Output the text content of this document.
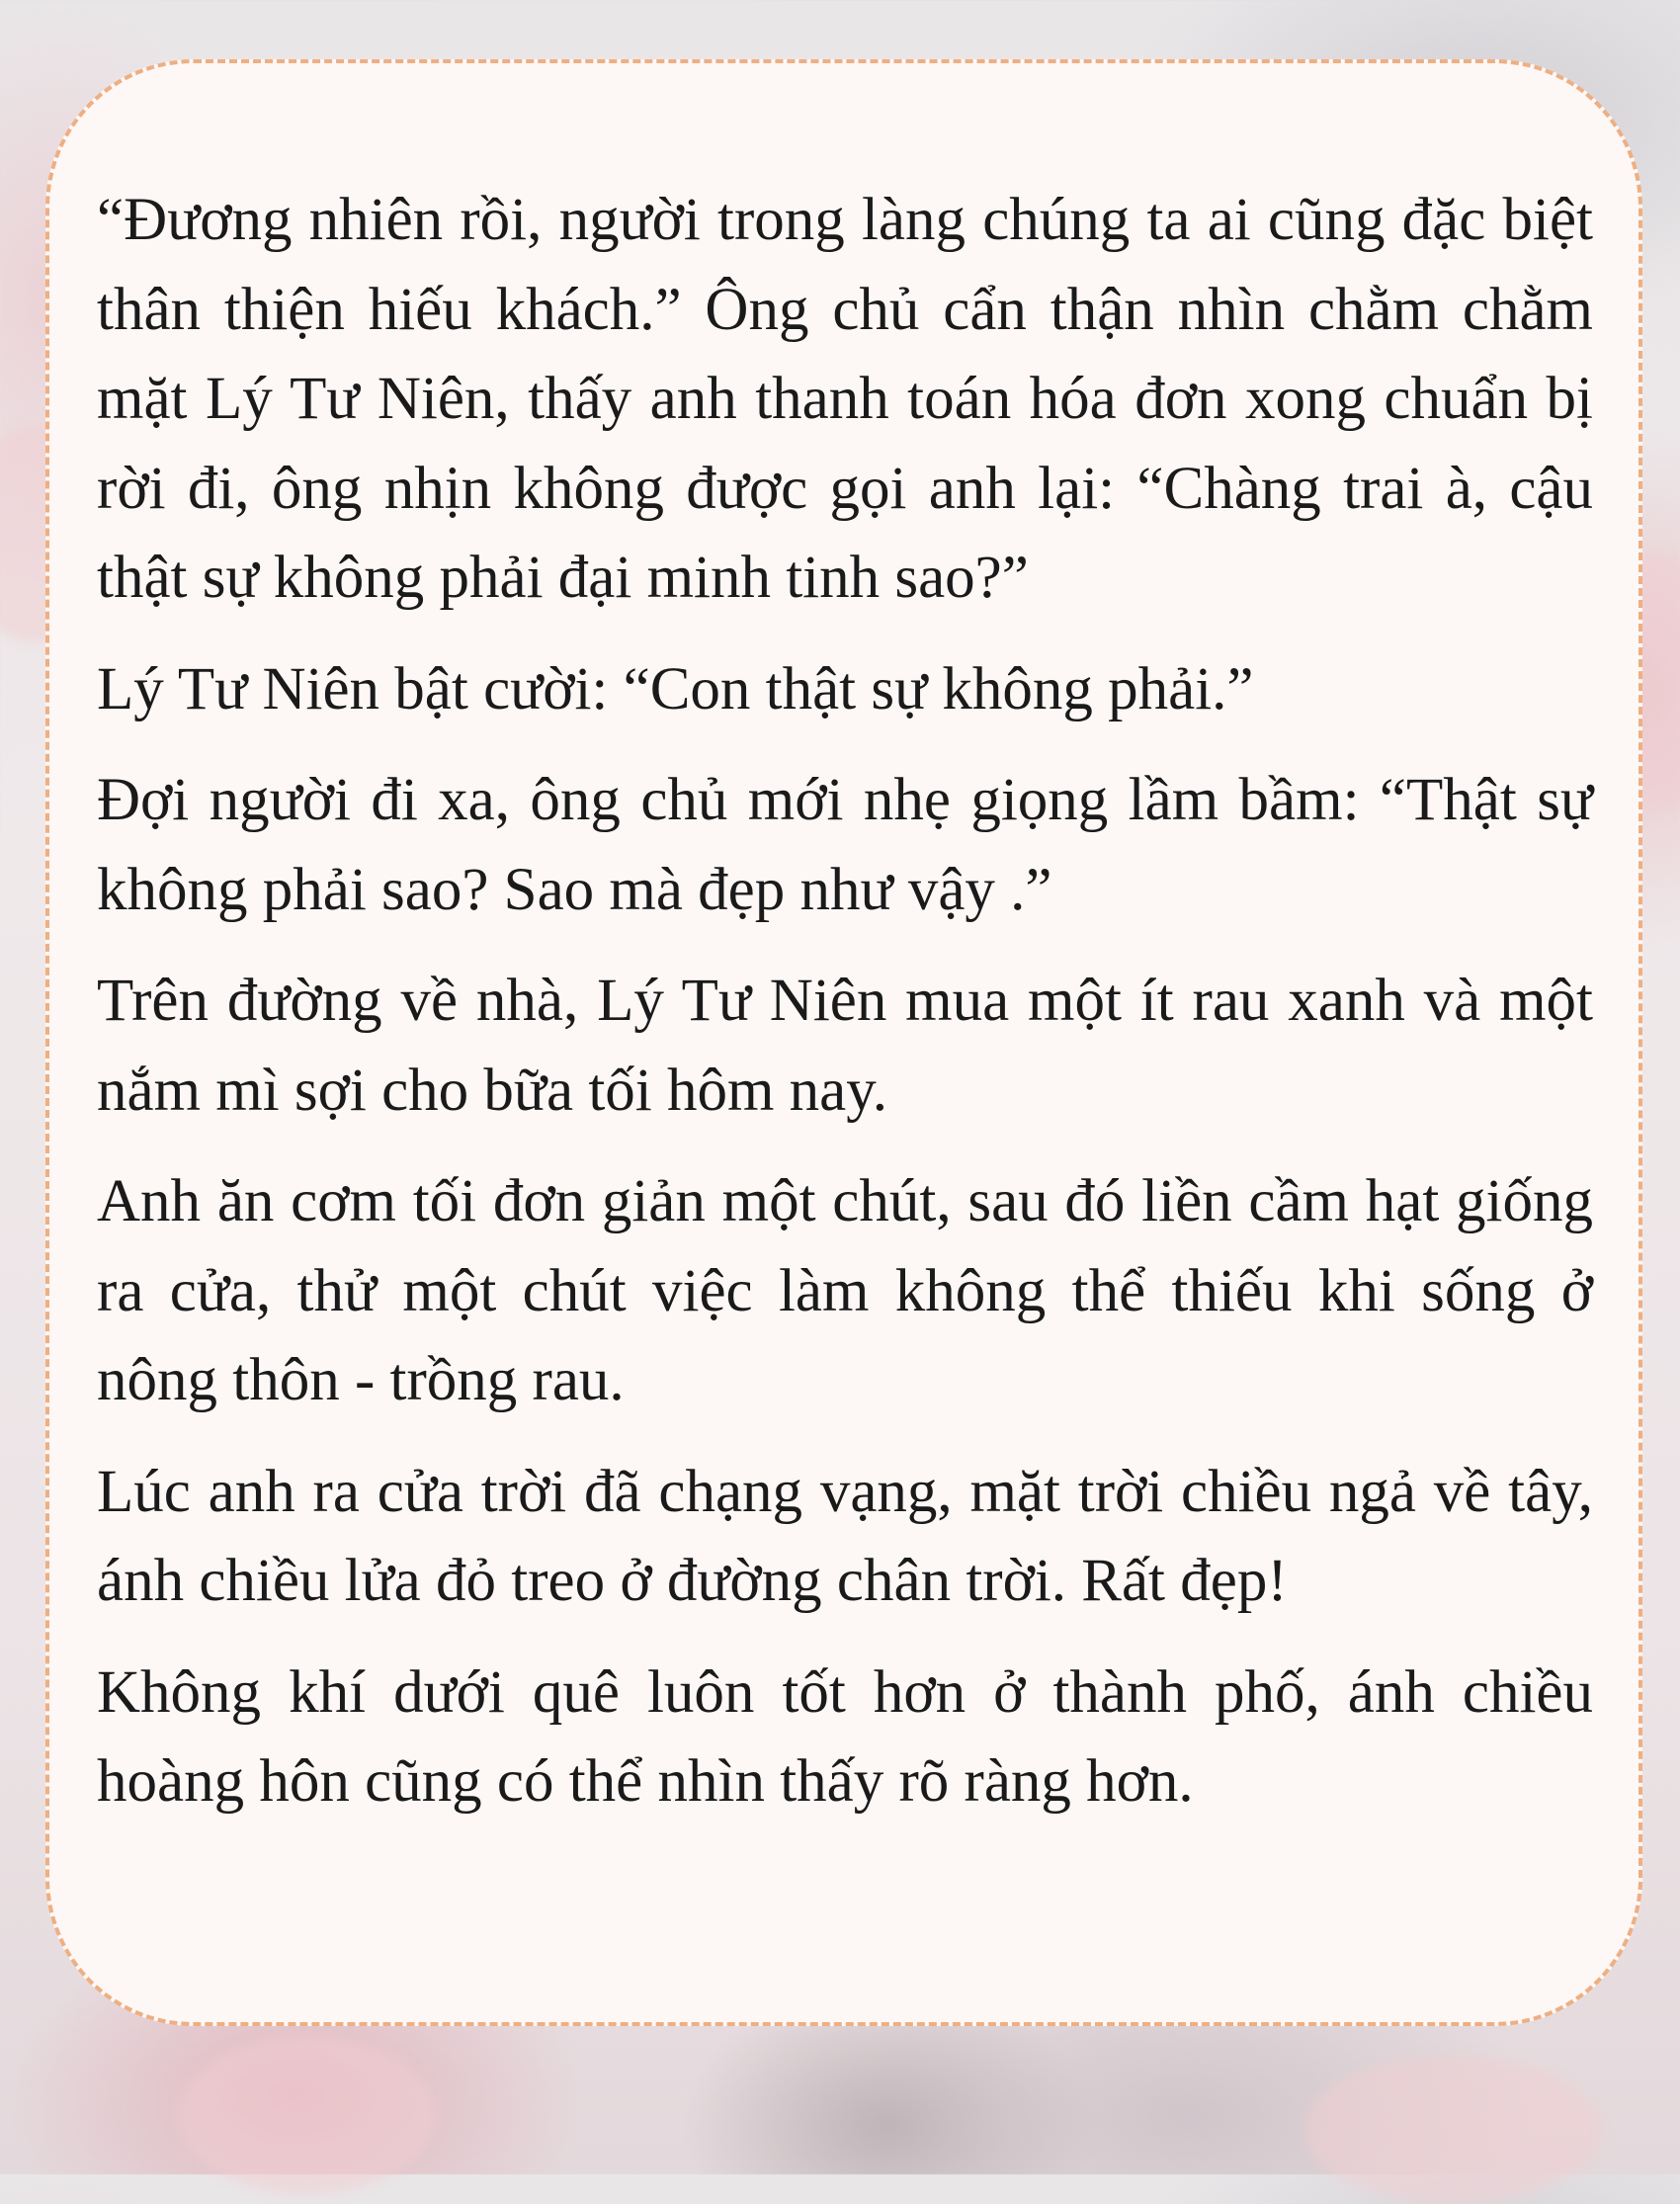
“Đương nhiên rồi, người trong làng chúng ta ai cũng đặc biệt thân thiện hiếu khách.” Ông chủ cẩn thận nhìn chằm chằm mặt Lý Tư Niên, thấy anh thanh toán hóa đơn xong chuẩn bị rời đi, ông nhịn không được gọi anh lại: “Chàng trai à, cậu thật sự không phải đại minh tinh sao?”

Lý Tư Niên bật cười: “Con thật sự không phải.”

Đợi người đi xa, ông chủ mới nhẹ giọng lầm bầm: “Thật sự không phải sao? Sao mà đẹp như vậy .”

Trên đường về nhà, Lý Tư Niên mua một ít rau xanh và một nắm mì sợi cho bữa tối hôm nay.

Anh ăn cơm tối đơn giản một chút, sau đó liền cầm hạt giống ra cửa, thử một chút việc làm không thể thiếu khi sống ở nông thôn - trồng rau.

Lúc anh ra cửa trời đã chạng vạng, mặt trời chiều ngả về tây, ánh chiều lửa đỏ treo ở đường chân trời. Rất đẹp!

Không khí dưới quê luôn tốt hơn ở thành phố, ánh chiều hoàng hôn cũng có thể nhìn thấy rõ ràng hơn.
